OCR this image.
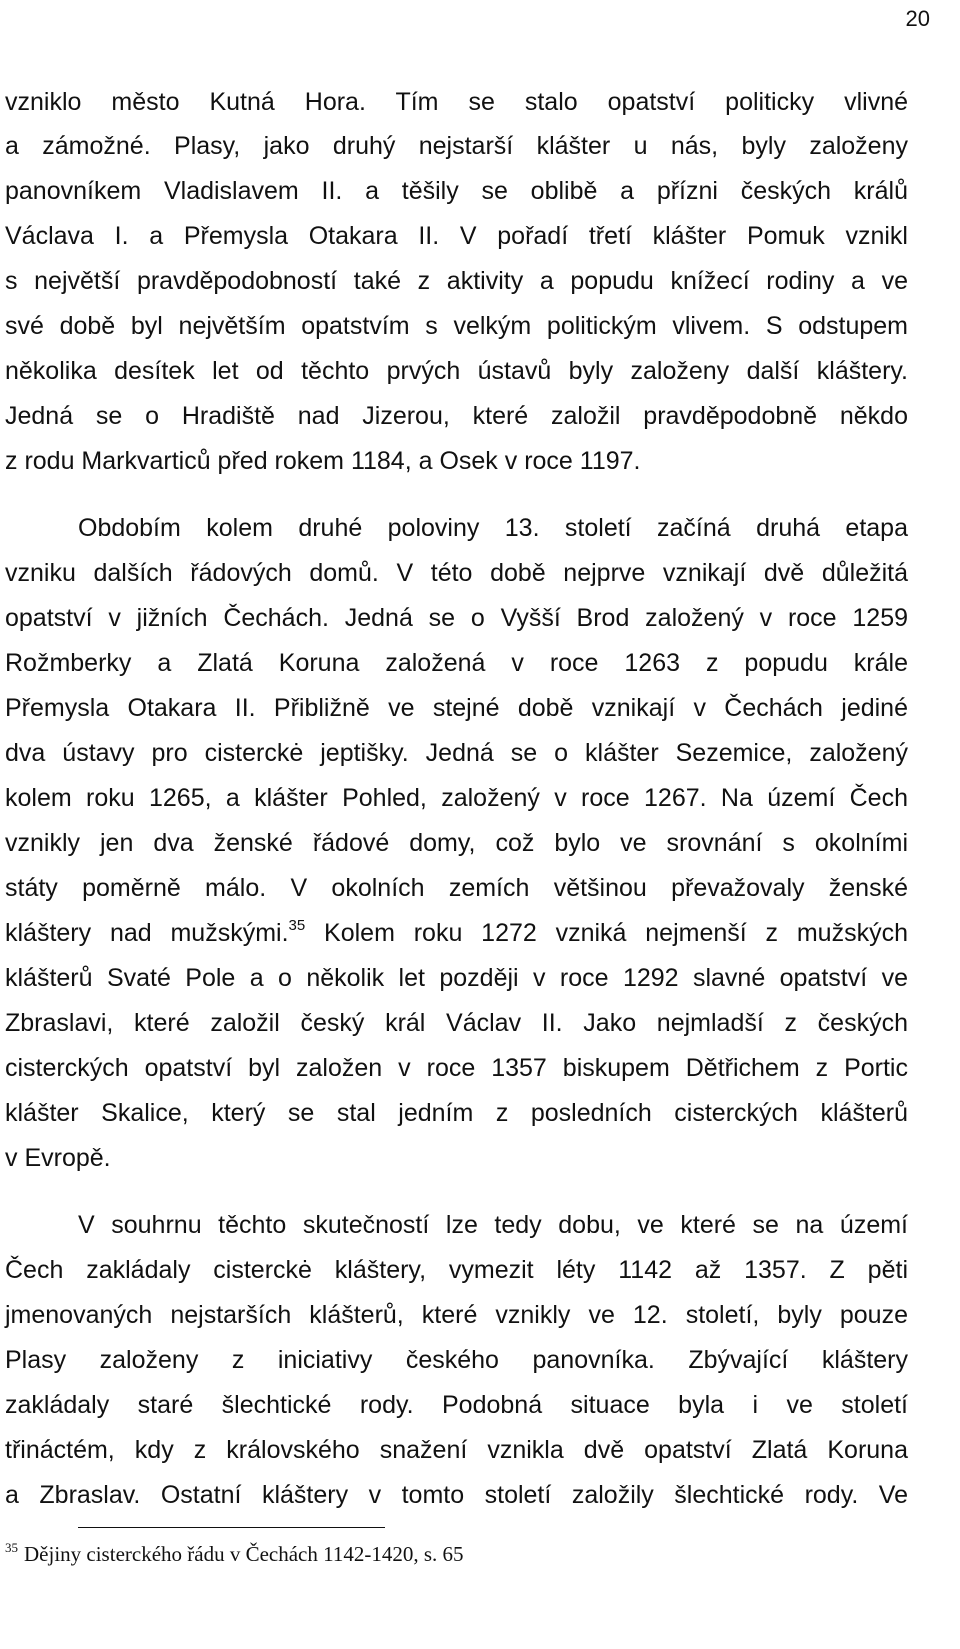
20
vzniklo město Kutná Hora. Tím se stalo opatství politicky vlivné
a zámožné. Plasy, jako druhý nejstarší klášter u nás, byly založeny
panovníkem Vladislavem II. a těšily se oblibě a přízni českých králů
Václava I. a Přemysla Otakara II. V pořadí třetí klášter Pomuk vznikl
s největší pravděpodobností také z aktivity a popudu knížecí rodiny a ve
své době byl největším opatstvím s velkým politickým vlivem. S odstupem
několika desítek let od těchto prvých ústavů byly založeny další kláštery.
Jedná se o Hradiště nad Jizerou, které založil pravděpodobně někdo
z rodu Markvarticů před rokem 1184, a Osek v roce 1197.
Obdobím kolem druhé poloviny 13. století začíná druhá etapa
vzniku dalších řádových domů. V této době nejprve vznikají dvě důležitá
opatství v jižních Čechách. Jedná se o Vyšší Brod založený v roce 1259
Rožmberky a Zlatá Koruna založená v roce 1263 z popudu krále
Přemysla Otakara II. Přibližně ve stejné době vznikají v Čechách jediné
dva ústavy pro cisterckė jeptišky. Jedná se o klášter Sezemice, založený
kolem roku 1265, a klášter Pohled, založený v roce 1267. Na území Čech
vznikly jen dva ženské řádové domy, což bylo ve srovnání s okolními
státy poměrně málo. V okolních zemích většinou převažovaly ženské
kláštery nad mužskými.$^{35}$ Kolem roku 1272 vzniká nejmenší z mužských
klášterů Svaté Pole a o několik let později v roce 1292 slavné opatství ve
Zbraslavi, které založil český král Václav II. Jako nejmladší z českých
cisterckých opatství byl založen v roce 1357 biskupem Dětřichem z Portic
klášter Skalice, který se stal jedním z posledních cisterckých klášterů
v Evropě.
V souhrnu těchto skutečností lze tedy dobu, ve které se na území
Čech zakládaly cisterckė kláštery, vymezit léty 1142 až 1357. Z pěti
jmenovaných nejstarších klášterů, které vznikly ve 12. století, byly pouze
Plasy založeny z iniciativy českého panovníka. Zbývající kláštery
zakládaly staré šlechtické rody. Podobná situace byla i ve století
třináctém, kdy z královského snažení vznikla dvě opatství Zlatá Koruna
a Zbraslav. Ostatní kláštery v tomto století založily šlechtické rody. Ve
$^{35}$ Dějiny cisterckého řádu v Čechách 1142-1420, s. 65
